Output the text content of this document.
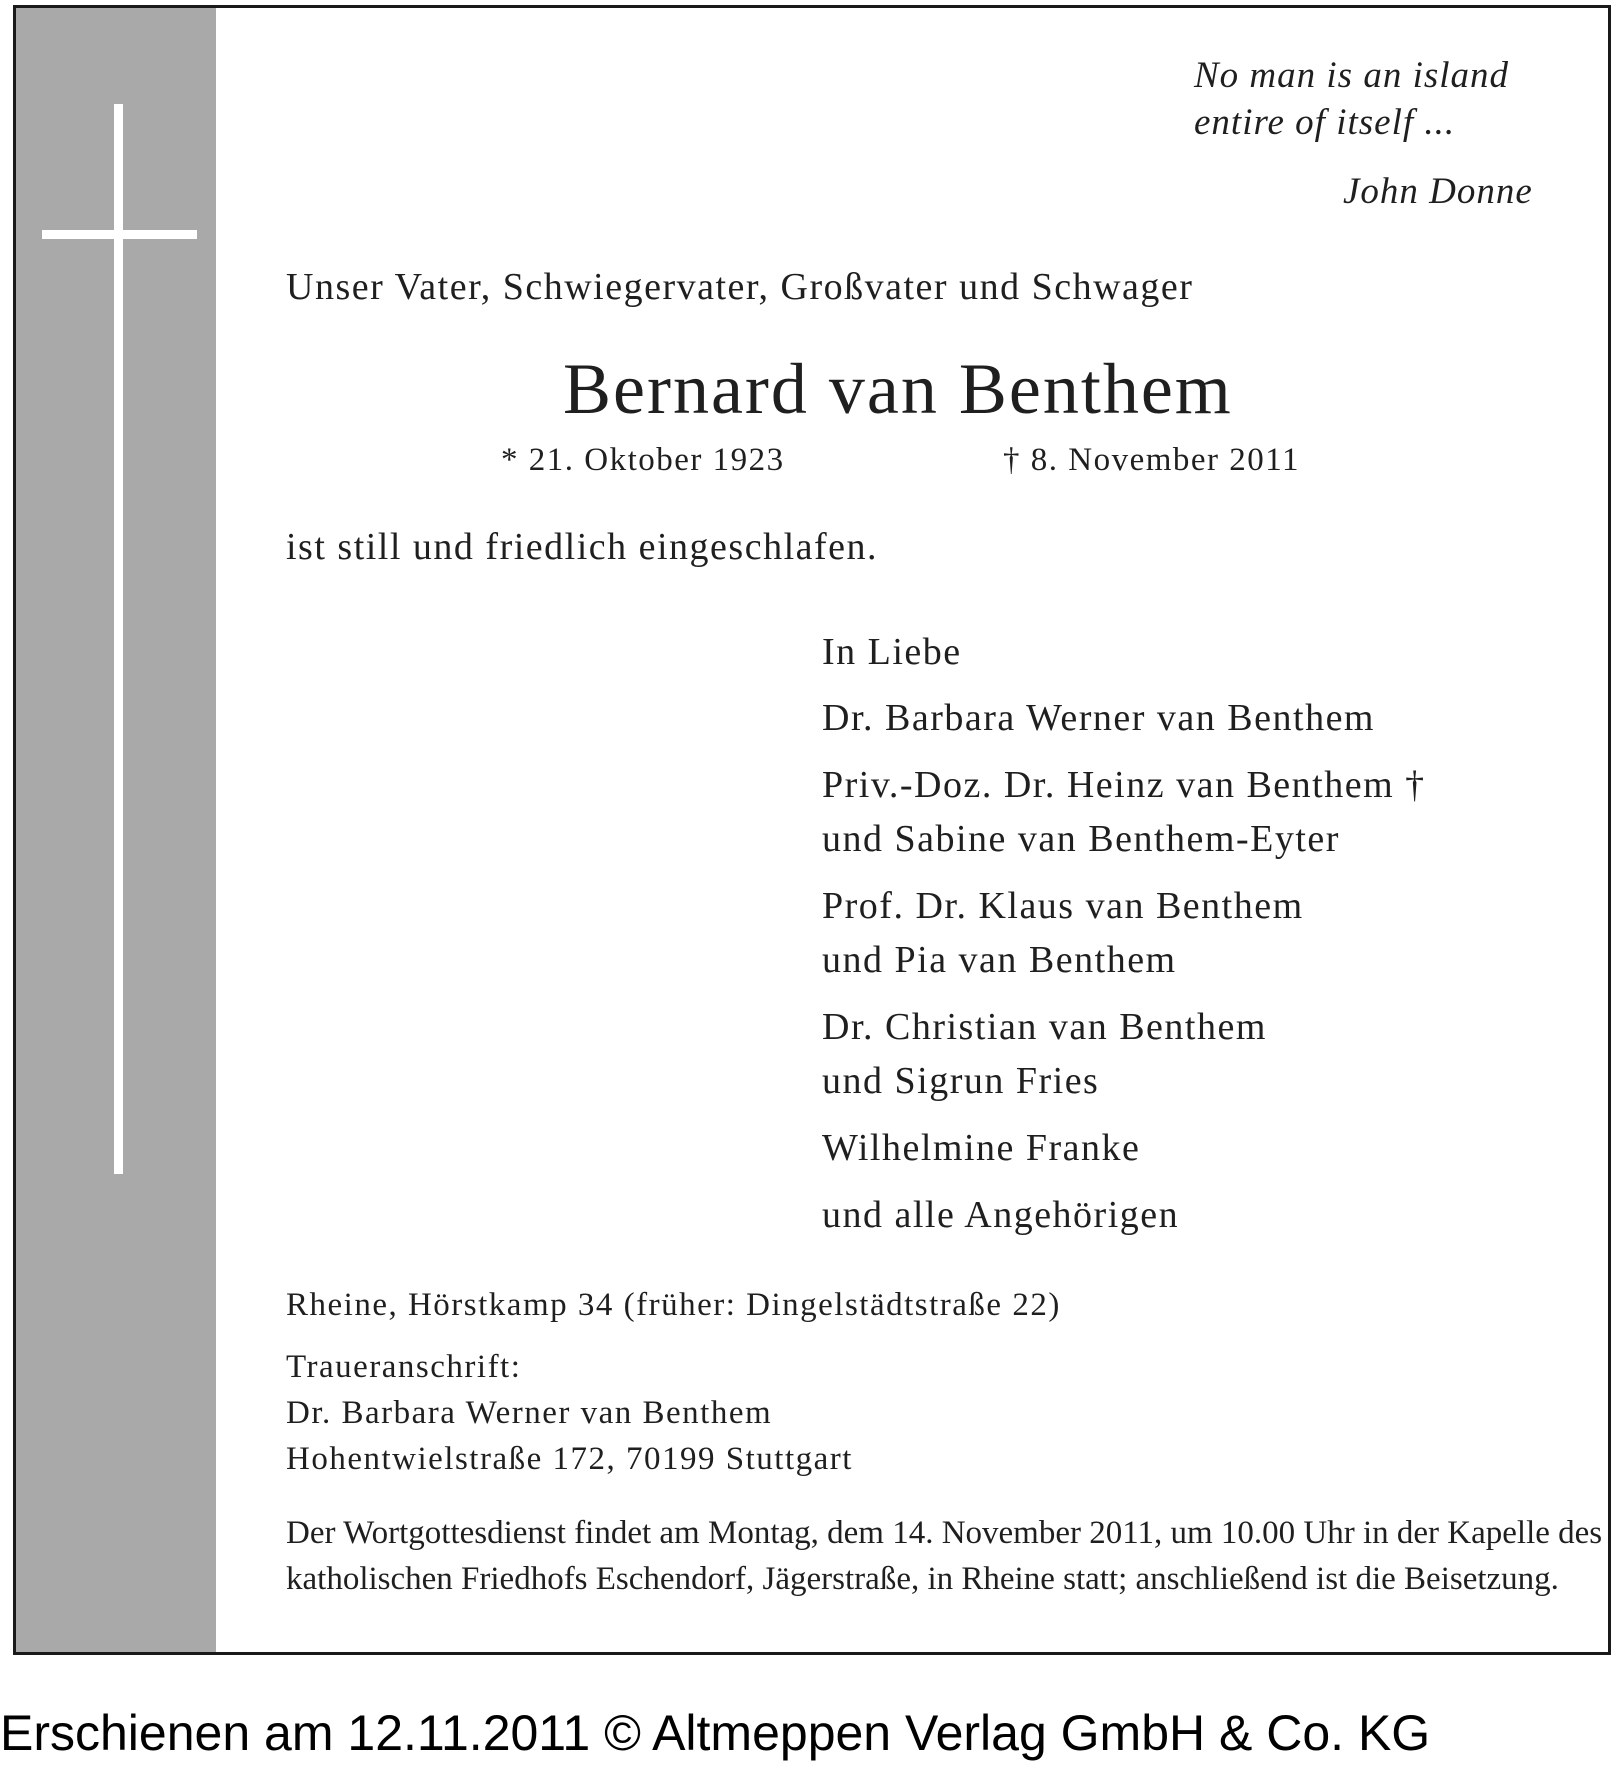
No man is an island
entire of itself ...
John Donne
Unser Vater, Schwiegervater, Großvater und Schwager
Bernard van Benthem
* 21. Oktober 1923	† 8. November 2011
ist still und friedlich eingeschlafen.
In Liebe
Dr. Barbara Werner van Benthem
Priv.-Doz. Dr. Heinz van Benthem †
und Sabine van Benthem-Eyter
Prof. Dr. Klaus van Benthem
und Pia van Benthem
Dr. Christian van Benthem
und Sigrun Fries
Wilhelmine Franke
und alle Angehörigen
Rheine, Hörstkamp 34 (früher: Dingelstädtstraße 22)
Traueranschrift:
Dr. Barbara Werner van Benthem
Hohentwielstraße 172, 70199 Stuttgart

Der Wortgottesdienst findet am Montag, dem 14. November 2011, um 10.00 Uhr in der Kapelle des katholischen Friedhofs Eschendorf, Jägerstraße, in Rheine statt; anschließend ist die Beisetzung.

Erschienen am 12.11.2011 © Altmeppen Verlag GmbH & Co. KG
